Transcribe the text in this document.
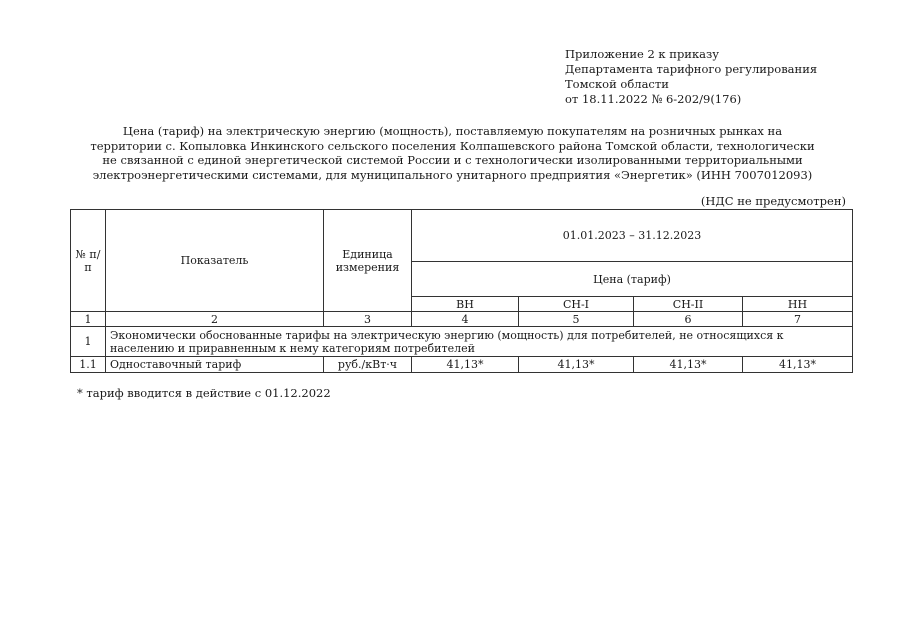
Приложение 2 к приказу
Департамента тарифного регулирования
Томской области
от 18.11.2022 № 6-202/9(176)
Цена (тариф) на электрическую энергию (мощность), поставляемую покупателям на розничных рынках на территории с. Копыловка Инкинского сельского поселения Колпашевского района Томской области, технологически не связанной с единой энергетической системой России и с технологически изолированными территориальными электроэнергетическими системами, для муниципального унитарного предприятия «Энергетик» (ИНН 7007012093)
(НДС не предусмотрен)
№ п/п	Показатель	Единица измерения	01.01.2023 – 31.12.2023			
			Цена (тариф)			
			ВН	СН-I	СН-II	НН
1	2	3	4	5	6	7
1	Экономически обоснованные тарифы на электрическую энергию (мощность) для потребителей, не относящихся к населению и приравненным к нему категориям потребителей					
1.1	Одноставочный тариф	руб./кВт·ч	41,13*	41,13*	41,13*	41,13*
* тариф вводится в действие с 01.12.2022
